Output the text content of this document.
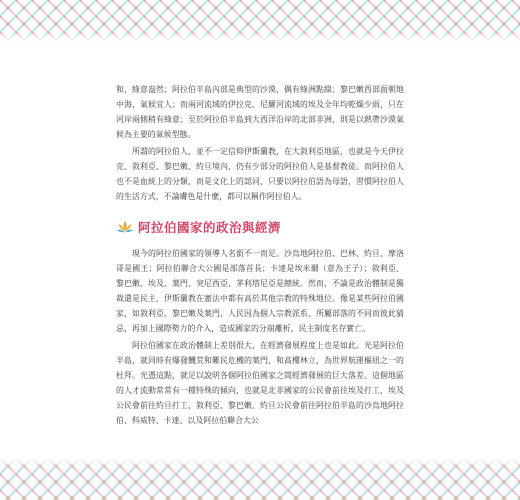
和，綠意盎然；阿拉伯半島內部是典型的沙漠，偶有綠洲點綴；黎巴嫩西部面朝地中海，氣候宜人；而兩河流域的伊拉克、尼羅河流域的埃及全年均乾燥少雨，只在河岸兩側稍有綠意；至於阿拉伯半島到大西洋沿岸的北部非洲，則是以熱帶沙漠氣候為主要的氣候型態。

所謂的阿拉伯人，並不一定信仰伊斯蘭教，在大敘利亞地區，也就是今天伊拉克、敘利亞、黎巴嫩、約旦境內，仍有少部分的阿拉伯人是基督教徒。而阿拉伯人也不是血統上的分類，而是文化上的認同，只要以阿拉伯語為母語，習慣阿拉伯人的生活方式，不論膚色是什麼，都可以稱作阿拉伯人。

阿拉伯國家的政治與經濟

現今的阿拉伯國家的領導人名銜不一而足。沙烏地阿拉伯、巴林、約旦、摩洛哥是國王；阿拉伯聯合大公國是部落首長；卡達是埃米爾（意為王子）；敘利亞、黎巴嫩、埃及、葉門、突尼西亞、茅利塔尼亞是總統。然而，不論是政治體制是獨裁還是民主，伊斯蘭教在憲法中都有高於其他宗教的特殊地位。像是某些阿拉伯國家，如敘利亞、黎巴嫩及葉門，人民因為個人宗教派系、所屬部落的不同而彼此猜忌，再加上國際勢力的介入，造成國家的分崩離析，民主制度名存實亡。

阿拉伯國家在政治體制上差別很大，在經濟發展程度上也是如此。光是阿拉伯半島，就同時有爆發饑荒和難民危機的葉門，和高樓林立，為世界航運樞紐之一的杜拜。光憑這點，就足以說明各個阿拉伯國家之間經濟發展的巨大落差。這個地區的人才流動常常有一種特殊的傾向，也就是北非國家的公民會前往埃及打工，埃及公民會前往約旦打工，敘利亞、黎巴嫩、約旦公民會前往阿拉伯半島的沙烏地阿拉伯、科威特、卡達、以及阿拉伯聯合大公
